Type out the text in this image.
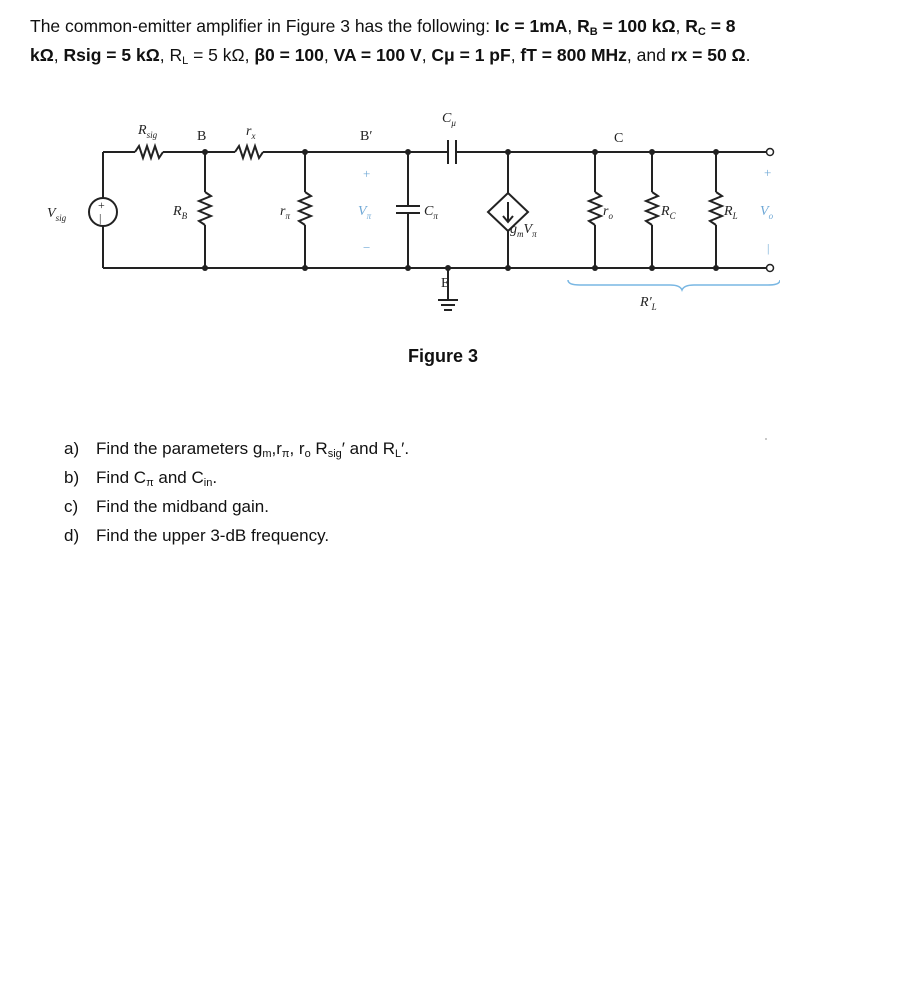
The common-emitter amplifier in Figure 3 has the following: Ic = 1mA, $R_B = 100$ kΩ, $R_C = 8$
kΩ, Rsig = 5 kΩ, $R_L = 5$ kΩ, β0 = 100, VA = 100 V, Cμ = 1 pF, fT = 800 MHz, and rx = 50 Ω.
$V_{sig}$
+
|
$R_{sig}$	B	$r_x$	B′
$C_\mu$
C
$R_B$	$r_\pi$
+
$V_\pi$
−
$C_\pi$
$g_mV_\pi$
$r_o$	$R_C$	$R_L$
+
$V_o$
|
E
$R'_L$
Figure 3
a) Find the parameters $g_m,r_\pi$, $r_o$ $R_{sig}'$ and $R_L'$.
b) Find $C_\pi$ and $C_{in}$.
c)	Find the midband gain.
d) Find the upper 3-dB frequency.
